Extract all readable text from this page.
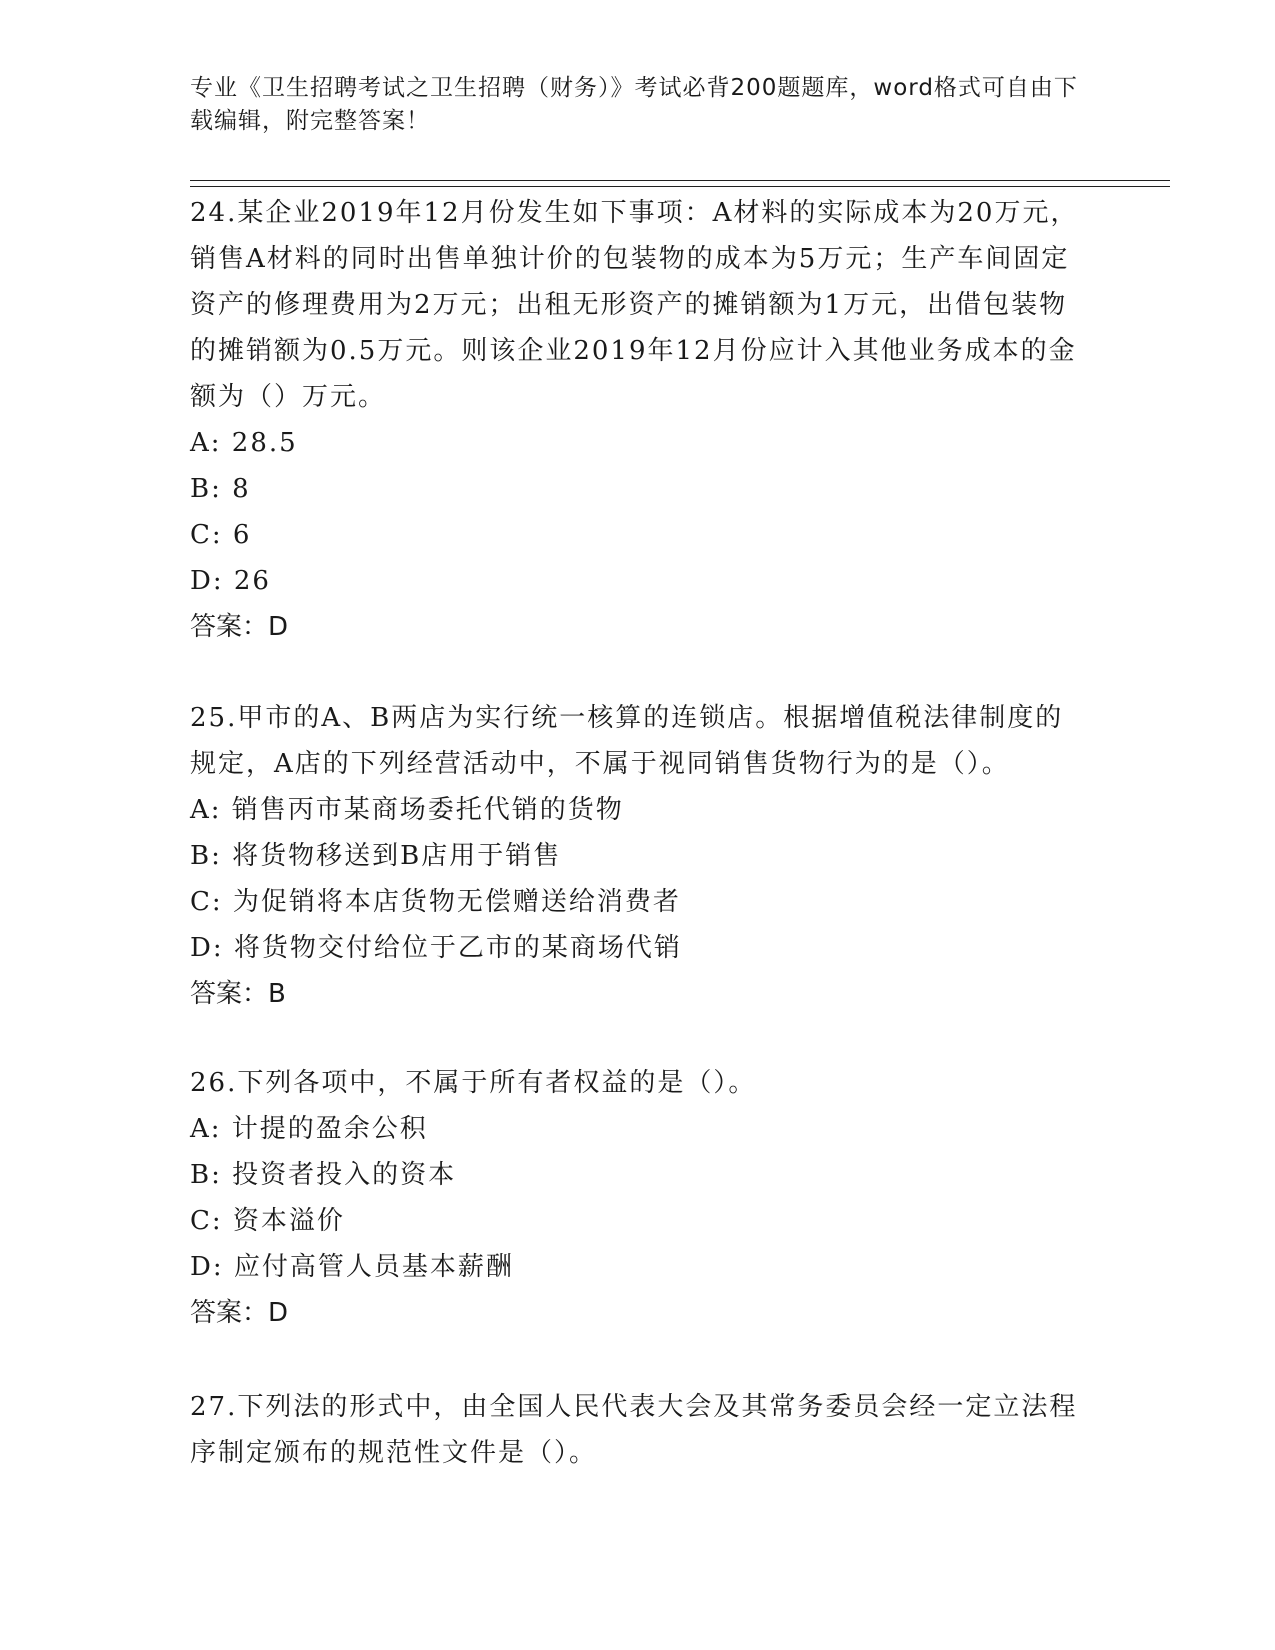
专业《卫生招聘考试之卫生招聘（财务）》考试必背200题题库，word格式可自由下载编辑，附完整答案！

24.某企业2019年12月份发生如下事项：A材料的实际成本为20万元，销售A材料的同时出售单独计价的包装物的成本为5万元；生产车间固定资产的修理费用为2万元；出租无形资产的摊销额为1万元，出借包装物的摊销额为0.5万元。则该企业2019年12月份应计入其他业务成本的金额为（）万元。

A: 28.5

B: 8

C: 6

D: 26

答案：D

25.甲市的A、B两店为实行统一核算的连锁店。根据增值税法律制度的规定，A店的下列经营活动中，不属于视同销售货物行为的是（）。

A: 销售丙市某商场委托代销的货物

B: 将货物移送到B店用于销售

C: 为促销将本店货物无偿赠送给消费者

D: 将货物交付给位于乙市的某商场代销

答案：B

26.下列各项中，不属于所有者权益的是（）。

A: 计提的盈余公积

B: 投资者投入的资本

C: 资本溢价

D: 应付高管人员基本薪酬

答案：D

27.下列法的形式中，由全国人民代表大会及其常务委员会经一定立法程序制定颁布的规范性文件是（）。
